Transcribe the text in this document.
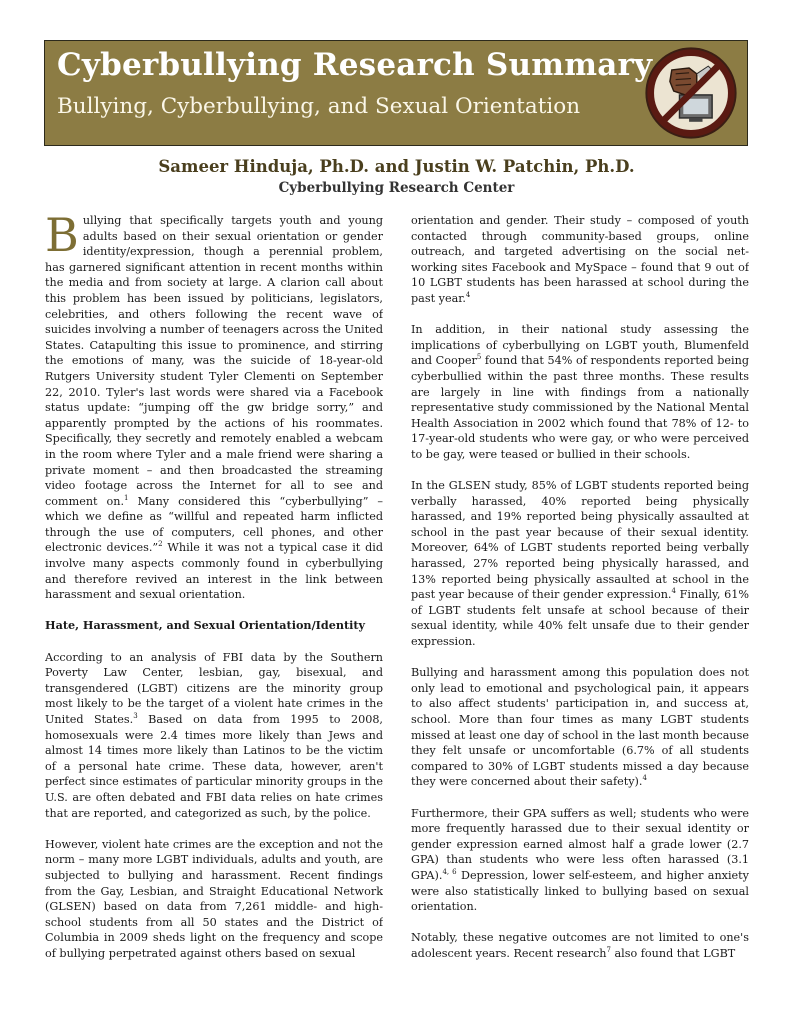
Cyberbullying Research Summary
Bullying, Cyberbullying, and Sexual Orientation
Sameer Hinduja, Ph.D. and Justin W. Patchin, Ph.D.
Cyberbullying Research Center

Bullying that specifically targets youth and young adults based on their sexual orientation or gender identity/expression, though a perennial problem, has garnered significant attention in recent months within the media and from society at large. A clarion call about this problem has been issued by politicians, legislators, celebrities, and others following the recent wave of suicides involving a number of teenagers across the United States. Catapulting this issue to prominence, and stirring the emotions of many, was the suicide of 18-year-old Rutgers University student Tyler Clementi on September 22, 2010. Tyler's last words were shared via a Facebook status update: “jumping off the gw bridge sorry,” and apparently prompted by the actions of his roommates. Specifically, they secretly and remotely enabled a webcam in the room where Tyler and a male friend were sharing a private moment – and then broadcasted the streaming video footage across the Internet for all to see and comment on.$^1$ Many considered this “cyberbullying” – which we define as “willful and repeated harm inflicted through the use of computers, cell phones, and other electronic devices.”$^2$ While it was not a typical case it did involve many aspects commonly found in cyberbullying and therefore revived an interest in the link between harassment and sexual orientation.

Hate, Harassment, and Sexual Orientation/Identity

According to an analysis of FBI data by the Southern Poverty Law Center, lesbian, gay, bisexual, and transgendered (LGBT) citizens are the minority group most likely to be the target of a violent hate crimes in the United States.$^3$ Based on data from 1995 to 2008, homosexuals were 2.4 times more likely than Jews and almost 14 times more likely than Latinos to be the victim of a personal hate crime. These data, however, aren't perfect since estimates of particular minority groups in the U.S. are often debated and FBI data relies on hate crimes that are reported, and categorized as such, by the police.

However, violent hate crimes are the exception and not the norm – many more LGBT individuals, adults and youth, are subjected to bullying and harassment. Recent findings from the Gay, Lesbian, and Straight Educational Network (GLSEN) based on data from 7,261 middle- and high-school students from all 50 states and the District of Columbia in 2009 sheds light on the frequency and scope of bullying perpetrated against others based on sexual

orientation and gender. Their study – composed of youth contacted through community-based groups, online outreach, and targeted advertising on the social net-working sites Facebook and MySpace – found that 9 out of 10 LGBT students has been harassed at school during the past year.$^4$

In addition, in their national study assessing the implications of cyberbullying on LGBT youth, Blumenfeld and Cooper$^5$ found that 54% of respondents reported being cyberbullied within the past three months. These results are largely in line with findings from a nationally representative study commissioned by the National Mental Health Association in 2002 which found that 78% of 12- to 17-year-old students who were gay, or who were perceived to be gay, were teased or bullied in their schools.

In the GLSEN study, 85% of LGBT students reported being verbally harassed, 40% reported being physically harassed, and 19% reported being physically assaulted at school in the past year because of their sexual identity. Moreover, 64% of LGBT students reported being verbally harassed, 27% reported being physically harassed, and 13% reported being physically assaulted at school in the past year because of their gender expression.$^4$ Finally, 61% of LGBT students felt unsafe at school because of their sexual identity, while 40% felt unsafe due to their gender expression.

Bullying and harassment among this population does not only lead to emotional and psychological pain, it appears to also affect students' participation in, and success at, school. More than four times as many LGBT students missed at least one day of school in the last month because they felt unsafe or uncomfortable (6.7% of all students compared to 30% of LGBT students missed a day because they were concerned about their safety).$^4$

Furthermore, their GPA suffers as well; students who were more frequently harassed due to their sexual identity or gender expression earned almost half a grade lower (2.7 GPA) than students who were less often harassed (3.1 GPA).$^{4, 6}$ Depression, lower self-esteem, and higher anxiety were also statistically linked to bullying based on sexual orientation.

Notably, these negative outcomes are not limited to one's adolescent years. Recent research$^7$ also found that LGBT
